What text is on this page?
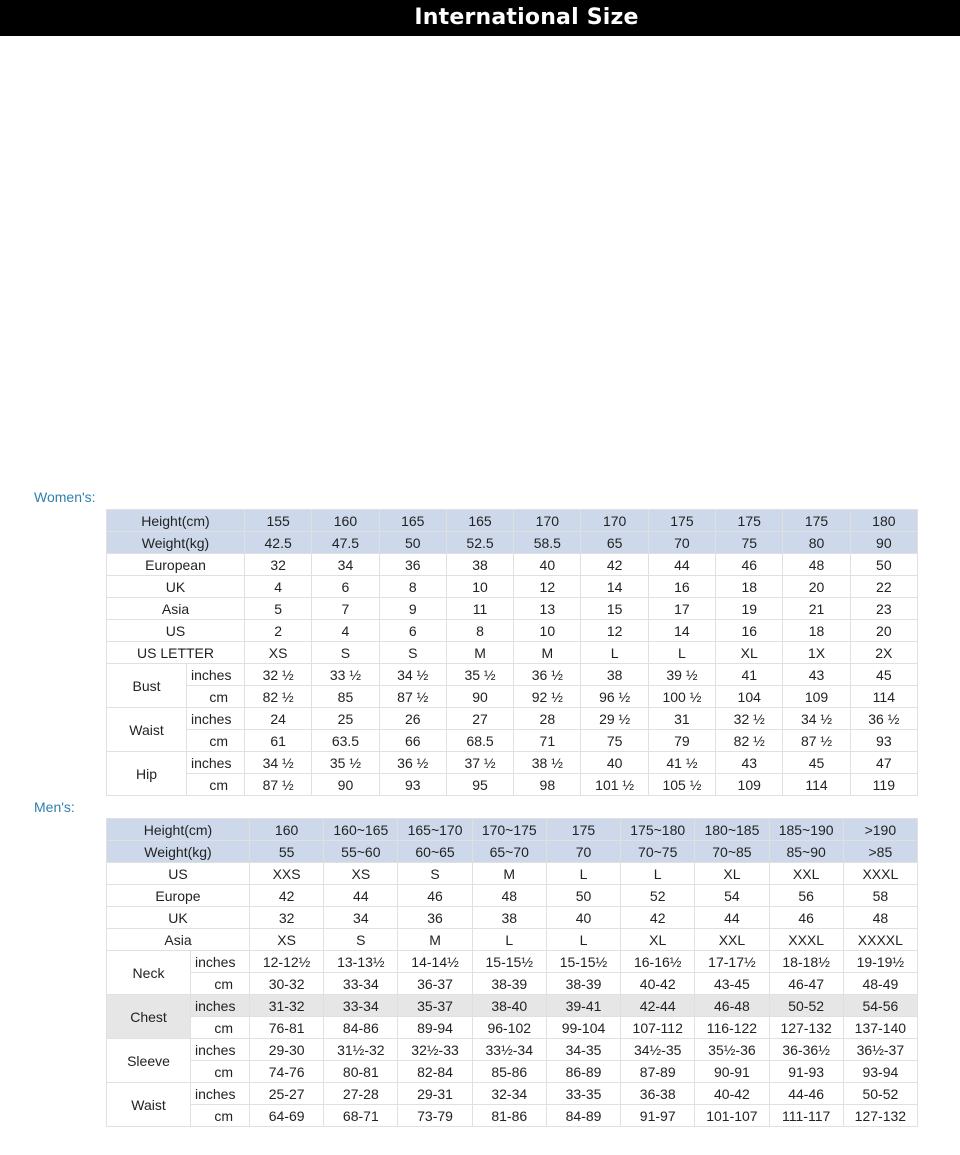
International Size
Women's:
Height(cm)		155	160	165	165	170	170	175	175	175	180
Weight(kg)		42.5	47.5	50	52.5	58.5	65	70	75	80	90
European		32	34	36	38	40	42	44	46	48	50
UK		4	6	8	10	12	14	16	18	20	22
Asia		5	7	9	11	13	15	17	19	21	23
US		2	4	6	8	10	12	14	16	18	20
US LETTER		XS	S	S	M	M	L	L	XL	1X	2X
Bust	inches	32 ½	33 ½	34 ½	35 ½	36 ½	38	39 ½	41	43	45
	cm	82 ½	85	87 ½	90	92 ½	96 ½	100 ½	104	109	114
Waist	inches	24	25	26	27	28	29 ½	31	32 ½	34 ½	36 ½
	cm	61	63.5	66	68.5	71	75	79	82 ½	87 ½	93
Hip	inches	34 ½	35 ½	36 ½	37 ½	38 ½	40	41 ½	43	45	47
	cm	87 ½	90	93	95	98	101 ½	105 ½	109	114	119
Men's:
Height(cm)		160	160~165	165~170	170~175	175	175~180	180~185	185~190	>190
Weight(kg)		55	55~60	60~65	65~70	70	70~75	70~85	85~90	>85
US		XXS	XS	S	M	L	L	XL	XXL	XXXL
Europe		42	44	46	48	50	52	54	56	58
UK		32	34	36	38	40	42	44	46	48
Asia		XS	S	M	L	L	XL	XXL	XXXL	XXXXL
Neck	inches	12-12½	13-13½	14-14½	15-15½	15-15½	16-16½	17-17½	18-18½	19-19½
	cm	30-32	33-34	36-37	38-39	38-39	40-42	43-45	46-47	48-49
Chest	inches	31-32	33-34	35-37	38-40	39-41	42-44	46-48	50-52	54-56
	cm	76-81	84-86	89-94	96-102	99-104	107-112	116-122	127-132	137-140
Sleeve	inches	29-30	31½-32	32½-33	33½-34	34-35	34½-35	35½-36	36-36½	36½-37
	cm	74-76	80-81	82-84	85-86	86-89	87-89	90-91	91-93	93-94
Waist	inches	25-27	27-28	29-31	32-34	33-35	36-38	40-42	44-46	50-52
	cm	64-69	68-71	73-79	81-86	84-89	91-97	101-107	111-117	127-132
